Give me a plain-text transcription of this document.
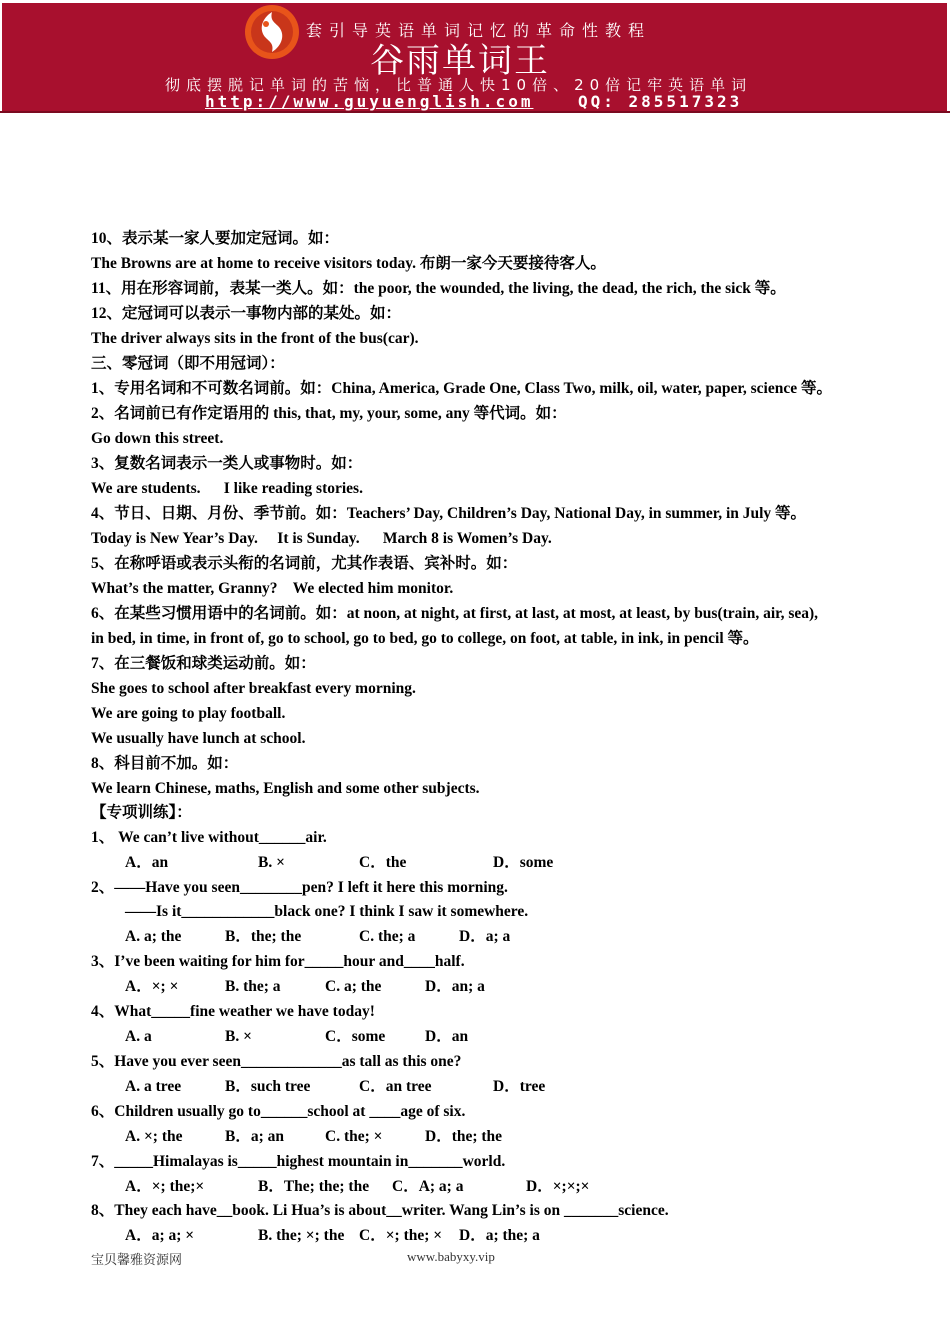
套引导英语单词记忆的革命性教程
谷雨单词王
彻底摆脱记单词的苦恼，比普通人快10倍、20倍记牢英语单词
http://www.guyuenglish.com	QQ: 285517323
10、表示某一家人要加定冠词。如：
The Browns are at home to receive visitors today. 布朗一家今天要接待客人。
11、用在形容词前，表某一类人。如：the poor, the wounded, the living, the dead, the rich, the sick 等。
12、定冠词可以表示一事物内部的某处。如：
The driver always sits in the front of the bus(car).
三、零冠词（即不用冠词）：
1、专用名词和不可数名词前。如：China, America, Grade One, Class Two, milk, oil, water, paper, science 等。
2、名词前已有作定语用的 this, that, my, your, some, any 等代词。如：
Go down this street.
3、复数名词表示一类人或事物时。如：
We are students.      I like reading stories.
4、节日、日期、月份、季节前。如：Teachers’ Day, Children’s Day, National Day, in summer, in July 等。
Today is New Year’s Day.     It is Sunday.      March 8 is Women’s Day.
5、在称呼语或表示头衔的名词前，尤其作表语、宾补时。如：
What’s the matter, Granny?    We elected him monitor.
6、在某些习惯用语中的名词前。如：at noon, at night, at first, at last, at most, at least, by bus(train, air, sea),
in bed, in time, in front of, go to school, go to bed, go to college, on foot, at table, in ink, in pencil 等。
7、在三餐饭和球类运动前。如：
She goes to school after breakfast every morning.
We are going to play football.
We usually have lunch at school.
8、科目前不加。如：
We learn Chinese, maths, English and some other subjects.
【专项训练】：
1、 We can’t live without______air.
A．an	B. ×	C．the	D．some
2、——Have you seen________pen? I left it here this morning.
——Is it____________black one? I think I saw it somewhere.
A. a; the	B．the; the	C. the; a	D．a; a
3、I’ve been waiting for him for_____hour and____half.
A．×; ×	B. the; a	C. a; the	D．an; a
4、What_____fine weather we have today!
A. a	B. ×	C．some	D．an
5、Have you ever seen_____________as tall as this one?
A. a tree	B．such tree	C．an tree	D．tree
6、Children usually go to______school at ____age of six.
A. ×; the	B．a; an	C. the; ×	D．the; the
7、_____Himalayas is_____highest mountain in_______world.
A．×; the;×	B．The; the; the C．A; a; a	D．×;×;×
8、They each have__book. Li Hua’s is about__writer. Wang Lin’s is on _______science.
A．a; a; ×	B. the; ×; the C．×; the; × D．a; the; a
宝贝馨雅资源网	www.babyxy.vip
